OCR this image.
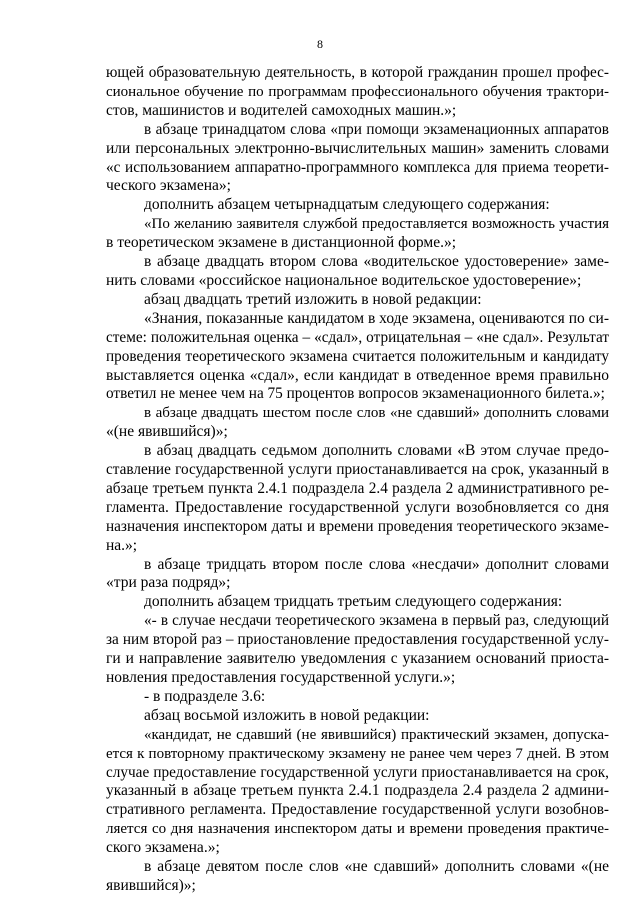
8
ющей образовательную деятельность, в которой гражданин прошел профес-
сиональное обучение по программам профессионального обучения трактори-
стов, машинистов и водителей самоходных машин.»;
в абзаце тринадцатом слова «при помощи экзаменационных аппаратов
или персональных электронно-вычислительных машин» заменить словами
«с использованием аппаратно-программного комплекса для приема теорети-
ческого экзамена»;
дополнить абзацем четырнадцатым следующего содержания:
«По желанию заявителя службой предоставляется возможность участия
в теоретическом экзамене в дистанционной форме.»;
в абзаце двадцать втором слова «водительское удостоверение» заме-
нить словами «российское национальное водительское удостоверение»;
абзац двадцать третий изложить в новой редакции:
«Знания, показанные кандидатом в ходе экзамена, оцениваются по си-
стеме: положительная оценка – «сдал», отрицательная – «не сдал». Результат
проведения теоретического экзамена считается положительным и кандидату
выставляется оценка «сдал», если кандидат в отведенное время правильно
ответил не менее чем на 75 процентов вопросов экзаменационного билета.»;
в абзаце двадцать шестом после слов «не сдавший» дополнить словами
«(не явившийся)»;
в абзац двадцать седьмом дополнить словами «В этом случае предо-
ставление государственной услуги приостанавливается на срок, указанный в
абзаце третьем пункта 2.4.1 подраздела 2.4 раздела 2 административного ре-
гламента. Предоставление государственной услуги возобновляется со дня
назначения инспектором даты и времени проведения теоретического экзаме-
на.»;
в абзаце тридцать втором после слова «несдачи» дополнит словами
«три раза подряд»;
дополнить абзацем тридцать третьим следующего содержания:
«- в случае несдачи теоретического экзамена в первый раз, следующий
за ним второй раз – приостановление предоставления государственной услу-
ги и направление заявителю уведомления с указанием оснований приоста-
новления предоставления государственной услуги.»;
- в подразделе 3.6:
абзац восьмой изложить в новой редакции:
«кандидат, не сдавший (не явившийся) практический экзамен, допуска-
ется к повторному практическому экзамену не ранее чем через 7 дней. В этом
случае предоставление государственной услуги приостанавливается на срок,
указанный в абзаце третьем пункта 2.4.1 подраздела 2.4 раздела 2 админи-
стративного регламента. Предоставление государственной услуги возобнов-
ляется со дня назначения инспектором даты и времени проведения практиче-
ского экзамена.»;
в абзаце девятом после слов «не сдавший» дополнить словами «(не
явившийся)»;
